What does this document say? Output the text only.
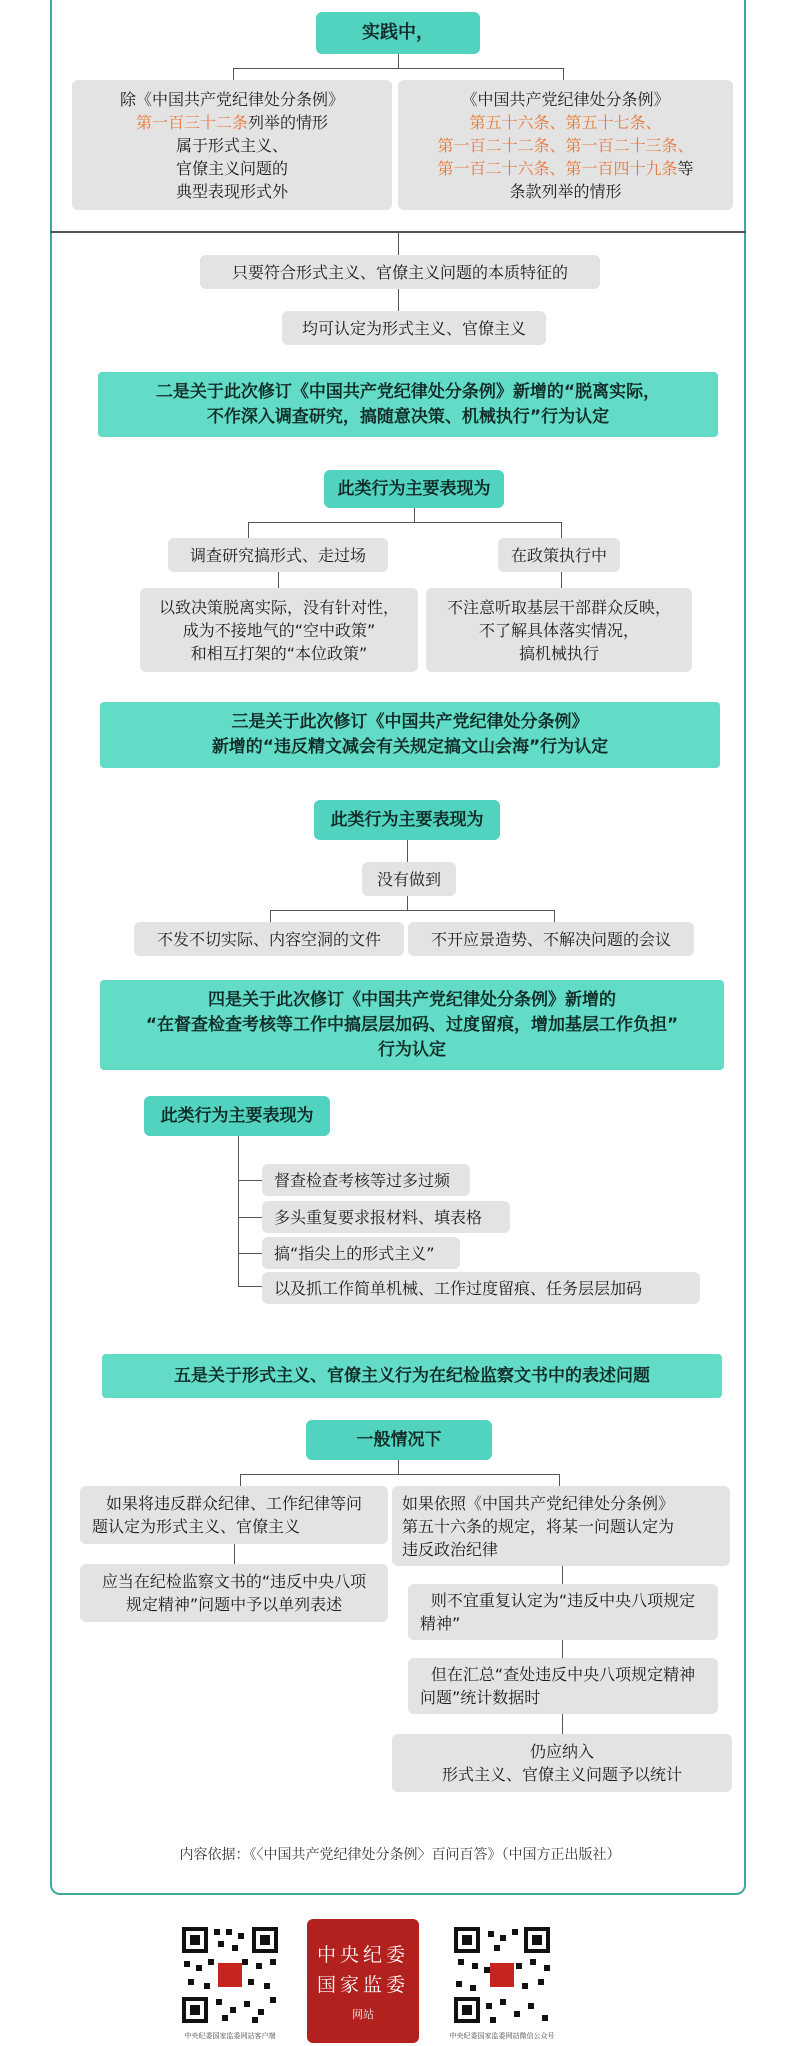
实践中，
除《中国共产党纪律处分条例》
第一百三十二条列举的情形
属于形式主义、
官僚主义问题的
典型表现形式外
《中国共产党纪律处分条例》
第五十六条、第五十七条、
第一百二十二条、第一百二十三条、
第一百二十六条、第一百四十九条等
条款列举的情形
只要符合形式主义、官僚主义问题的本质特征的
均可认定为形式主义、官僚主义
二是关于此次修订《中国共产党纪律处分条例》新增的“脱离实际，
不作深入调查研究，搞随意决策、机械执行”行为认定
此类行为主要表现为
调查研究搞形式、走过场	在政策执行中
以致决策脱离实际，没有针对性，
成为不接地气的“空中政策”
和相互打架的“本位政策”
不注意听取基层干部群众反映，
不了解具体落实情况，
搞机械执行
三是关于此次修订《中国共产党纪律处分条例》
新增的“违反精文减会有关规定搞文山会海”行为认定
此类行为主要表现为
没有做到
不发不切实际、内容空洞的文件	不开应景造势、不解决问题的会议
四是关于此次修订《中国共产党纪律处分条例》新增的
“在督查检查考核等工作中搞层层加码、过度留痕，增加基层工作负担”
行为认定
此类行为主要表现为
督查检查考核等过多过频
多头重复要求报材料、填表格
搞“指尖上的形式主义”
以及抓工作简单机械、工作过度留痕、任务层层加码
五是关于形式主义、官僚主义行为在纪检监察文书中的表述问题
一般情况下
如果将违反群众纪律、工作纪律等问
题认定为形式主义、官僚主义
应当在纪检监察文书的“违反中央八项
规定精神”问题中予以单列表述
如果依照《中国共产党纪律处分条例》
第五十六条的规定，将某一问题认定为
违反政治纪律
则不宜重复认定为“违反中央八项规定
精神”
但在汇总“查处违反中央八项规定精神
问题”统计数据时
仍应纳入
形式主义、官僚主义问题予以统计
内容依据：《〈中国共产党纪律处分条例〉百问百答》（中国方正出版社）
中央纪委国家监委网站客户端
中央纪委
国家监委
网站
中央纪委国家监委网站微信公众号
